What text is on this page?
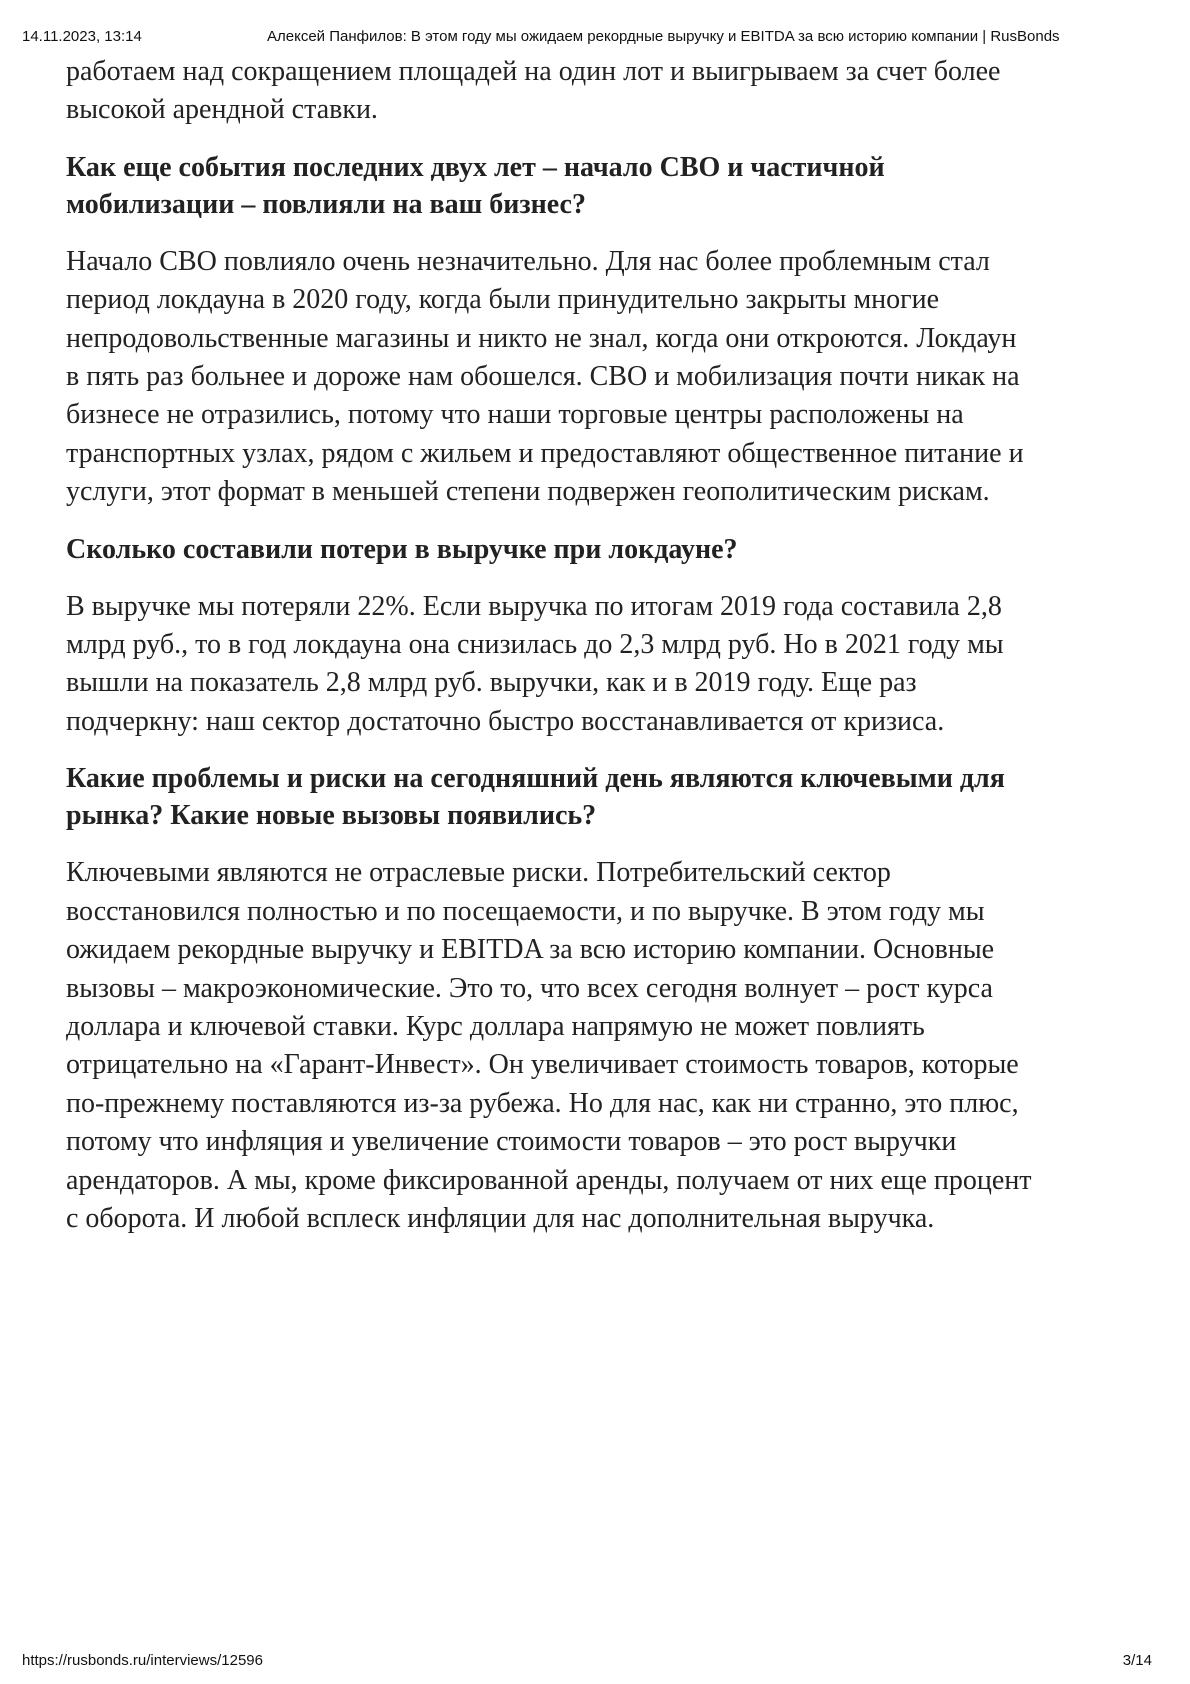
14.11.2023, 13:14	Алексей Панфилов: В этом году мы ожидаем рекордные выручку и EBITDA за всю историю компании | RusBonds

работаем над сокращением площадей на один лот и выигрываем за счет более
высокой арендной ставки.

Как еще события последних двух лет – начало СВО и частичной
мобилизации – повлияли на ваш бизнес?

Начало СВО повлияло очень незначительно. Для нас более проблемным стал
период локдауна в 2020 году, когда были принудительно закрыты многие
непродовольственные магазины и никто не знал, когда они откроются. Локдаун
в пять раз больнее и дороже нам обошелся. СВО и мобилизация почти никак на
бизнесе не отразились, потому что наши торговые центры расположены на
транспортных узлах, рядом с жильем и предоставляют общественное питание и
услуги, этот формат в меньшей степени подвержен геополитическим рискам.

Сколько составили потери в выручке при локдауне?

В выручке мы потеряли 22%. Если выручка по итогам 2019 года составила 2,8
млрд руб., то в год локдауна она снизилась до 2,3 млрд руб. Но в 2021 году мы
вышли на показатель 2,8 млрд руб. выручки, как и в 2019 году. Еще раз
подчеркну: наш сектор достаточно быстро восстанавливается от кризиса.

Какие проблемы и риски на сегодняшний день являются ключевыми для
рынка? Какие новые вызовы появились?

Ключевыми являются не отраслевые риски. Потребительский сектор
восстановился полностью и по посещаемости, и по выручке. В этом году мы
ожидаем рекордные выручку и EBITDA за всю историю компании. Основные
вызовы – макроэкономические. Это то, что всех сегодня волнует – рост курса
доллара и ключевой ставки. Курс доллара напрямую не может повлиять
отрицательно на «Гарант-Инвест». Он увеличивает стоимость товаров, которые
по-прежнему поставляются из-за рубежа. Но для нас, как ни странно, это плюс,
потому что инфляция и увеличение стоимости товаров – это рост выручки
арендаторов. А мы, кроме фиксированной аренды, получаем от них еще процент
с оборота. И любой всплеск инфляции для нас дополнительная выручка.

https://rusbonds.ru/interviews/12596	3/14
